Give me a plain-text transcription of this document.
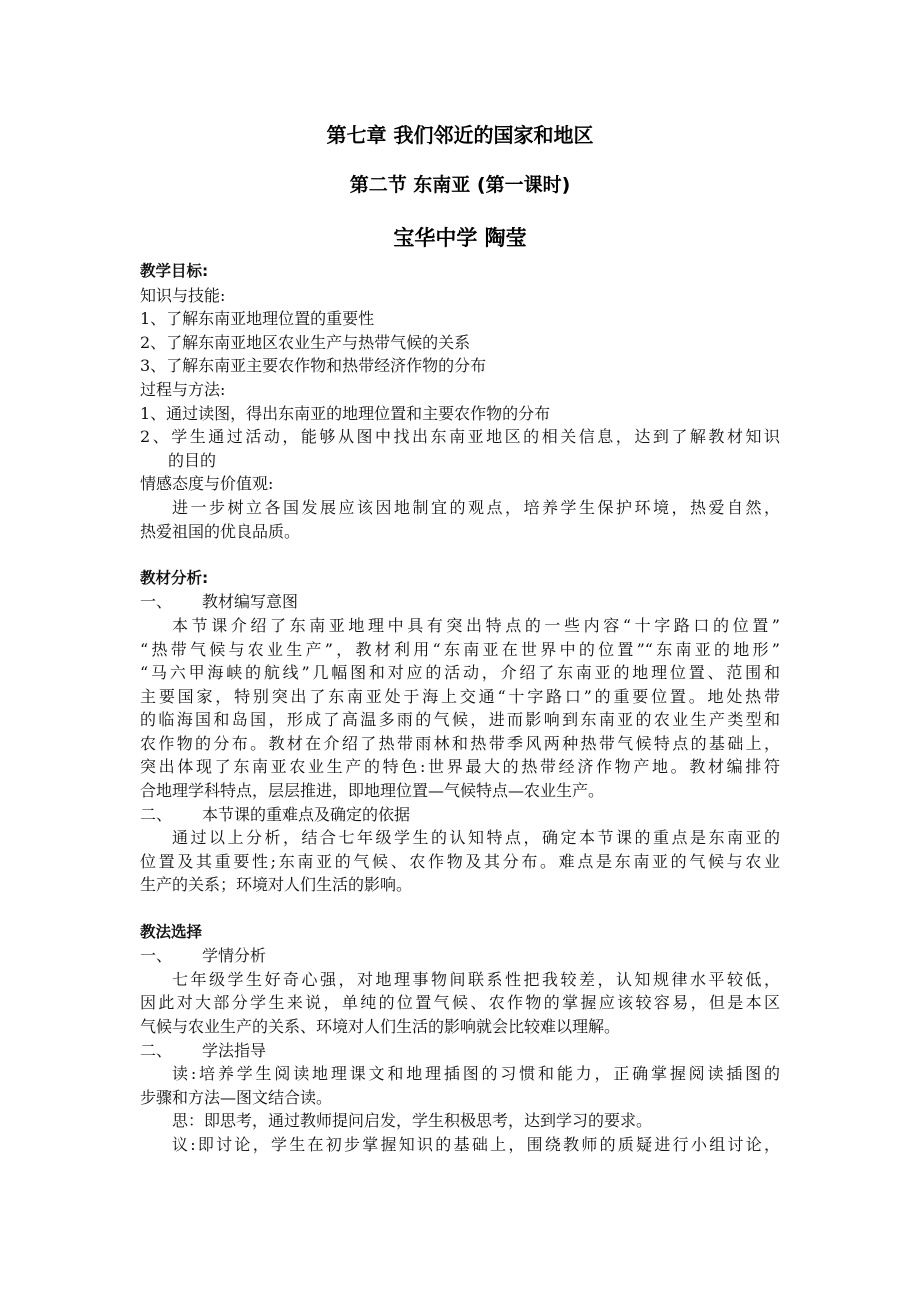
第七章 我们邻近的国家和地区
第二节 东南亚 (第一课时)
宝华中学 陶莹
教学目标:
知识与技能:
1、了解东南亚地理位置的重要性
2、了解东南亚地区农业生产与热带气候的关系
3、了解东南亚主要农作物和热带经济作物的分布
过程与方法:
1、通过读图，得出东南亚的地理位置和主要农作物的分布
2、学生通过活动，能够从图中找出东南亚地区的相关信息，达到了解教材知识
的目的
情感态度与价值观:
进一步树立各国发展应该因地制宜的观点，培养学生保护环境，热爱自然，
热爱祖国的优良品质。
教材分析:
一、 教材编写意图
本节课介绍了东南亚地理中具有突出特点的一些内容“十字路口的位置”
“热带气候与农业生产”，教材利用“东南亚在世界中的位置”“东南亚的地形”
“马六甲海峡的航线”几幅图和对应的活动，介绍了东南亚的地理位置、范围和
主要国家，特别突出了东南亚处于海上交通“十字路口”的重要位置。地处热带
的临海国和岛国，形成了高温多雨的气候，进而影响到东南亚的农业生产类型和
农作物的分布。教材在介绍了热带雨林和热带季风两种热带气候特点的基础上，
突出体现了东南亚农业生产的特色:世界最大的热带经济作物产地。教材编排符
合地理学科特点，层层推进，即地理位置—气候特点—农业生产。
二、 本节课的重难点及确定的依据
通过以上分析，结合七年级学生的认知特点，确定本节课的重点是东南亚的
位置及其重要性;东南亚的气候、农作物及其分布。难点是东南亚的气候与农业
生产的关系；环境对人们生活的影响。
教法选择
一、 学情分析
七年级学生好奇心强，对地理事物间联系性把我较差，认知规律水平较低，
因此对大部分学生来说，单纯的位置气候、农作物的掌握应该较容易，但是本区
气候与农业生产的关系、环境对人们生活的影响就会比较难以理解。
二、 学法指导
读:培养学生阅读地理课文和地理插图的习惯和能力，正确掌握阅读插图的
步骤和方法—图文结合读。
思：即思考，通过教师提问启发，学生积极思考，达到学习的要求。
议:即讨论，学生在初步掌握知识的基础上，围绕教师的质疑进行小组讨论，
